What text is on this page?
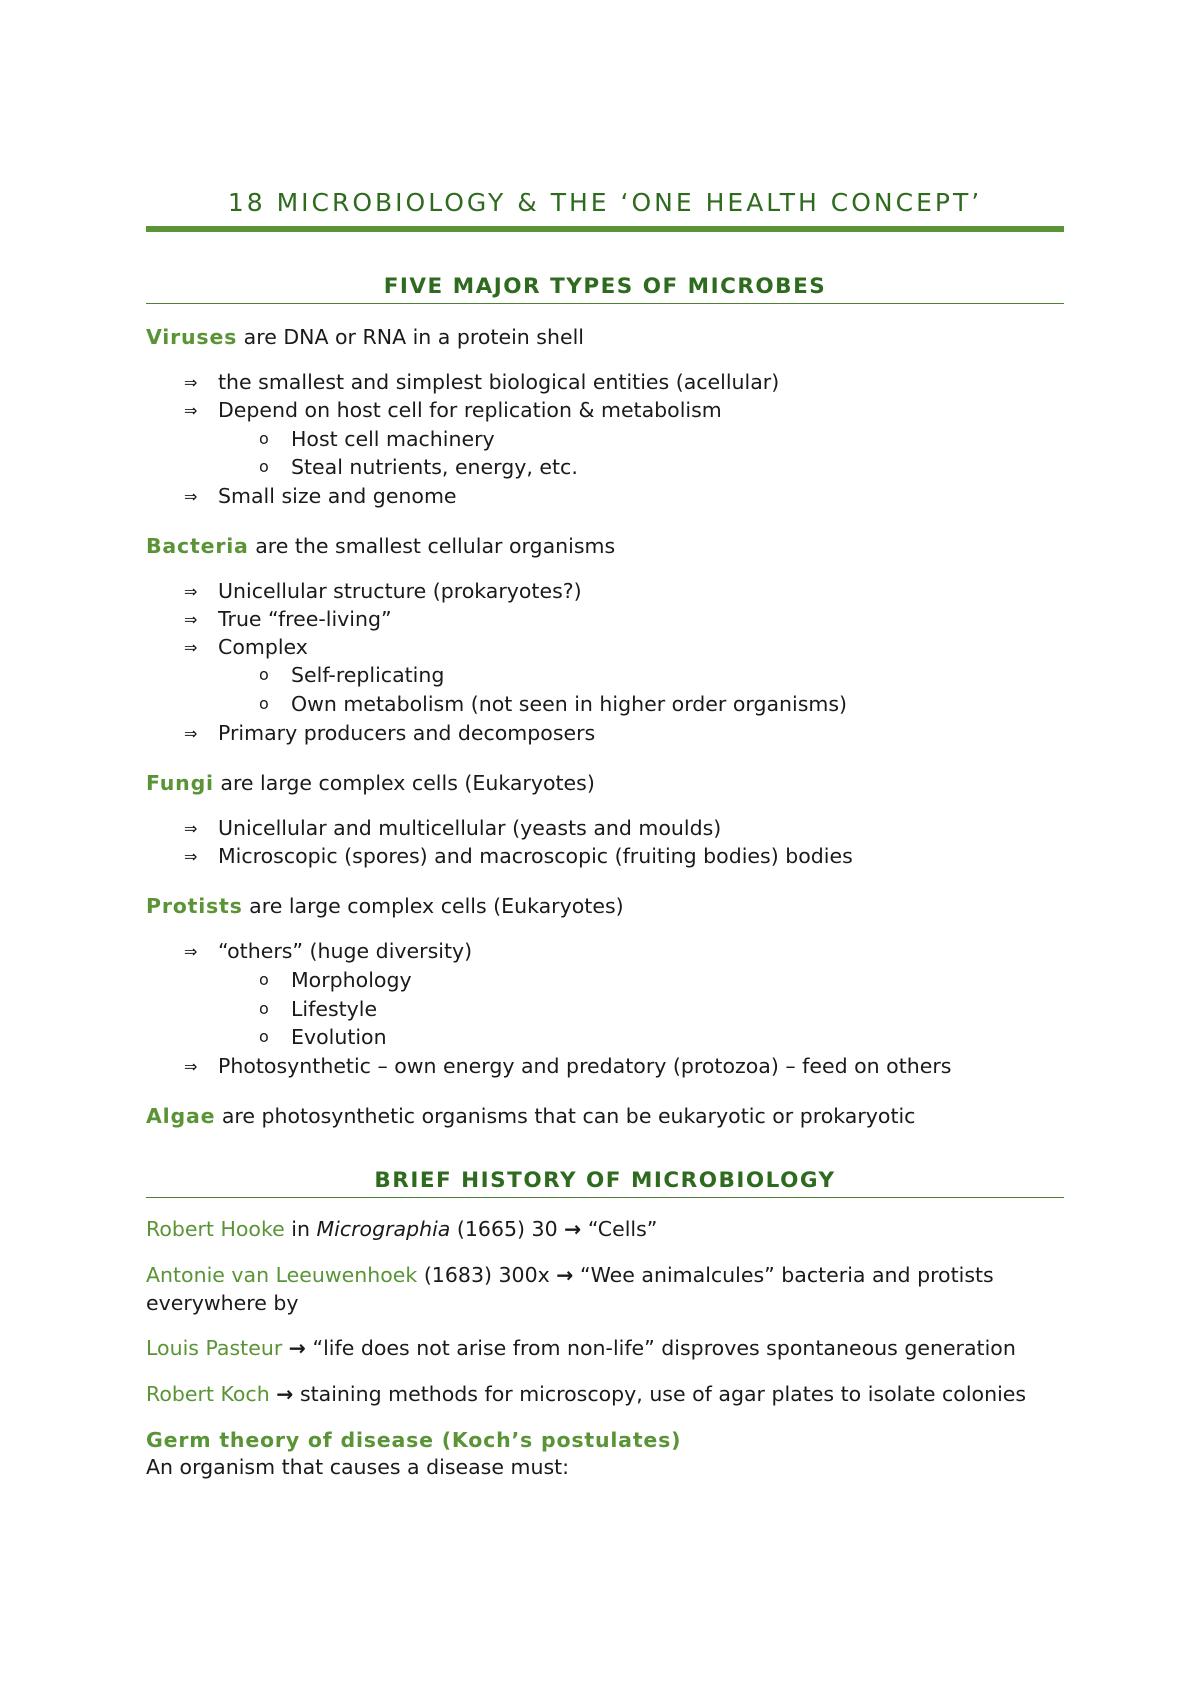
18 MICROBIOLOGY & THE ‘ONE HEALTH CONCEPT’
FIVE MAJOR TYPES OF MICROBES

Viruses are DNA or RNA in a protein shell

⇒ the smallest and simplest biological entities (acellular)
⇒ Depend on host cell for replication & metabolism
o Host cell machinery
o Steal nutrients, energy, etc.
⇒ Small size and genome

Bacteria are the smallest cellular organisms

⇒ Unicellular structure (prokaryotes?)
⇒ True “free-living”
⇒ Complex
o Self-replicating
o Own metabolism (not seen in higher order organisms)
⇒ Primary producers and decomposers

Fungi are large complex cells (Eukaryotes)

⇒ Unicellular and multicellular (yeasts and moulds)
⇒ Microscopic (spores) and macroscopic (fruiting bodies) bodies

Protists are large complex cells (Eukaryotes)

⇒ “others” (huge diversity)
o Morphology
o Lifestyle
o Evolution
⇒ Photosynthetic – own energy and predatory (protozoa) – feed on others

Algae are photosynthetic organisms that can be eukaryotic or prokaryotic

BRIEF HISTORY OF MICROBIOLOGY

Robert Hooke in Micrographia (1665) 30 → “Cells”

Antonie van Leeuwenhoek (1683) 300x → “Wee animalcules” bacteria and protists everywhere by

Louis Pasteur → “life does not arise from non-life” disproves spontaneous generation

Robert Koch → staining methods for microscopy, use of agar plates to isolate colonies

Germ theory of disease (Koch’s postulates)

An organism that causes a disease must:
